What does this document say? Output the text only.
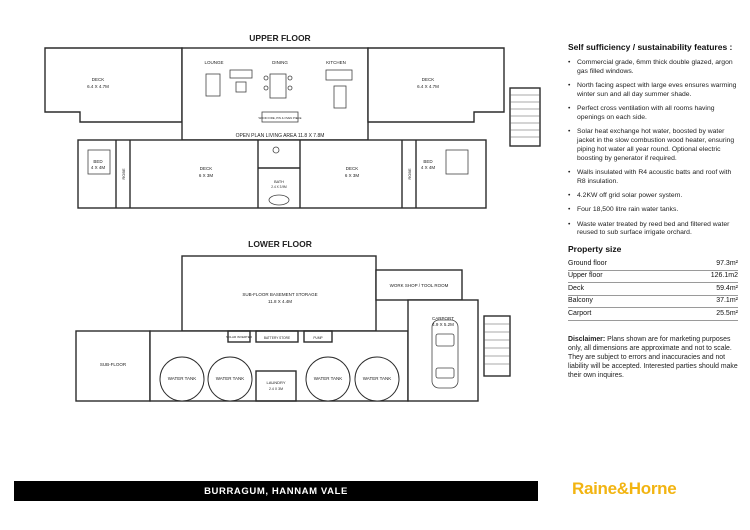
UPPER FLOOR
LOWER FLOOR
DECK
6.4 X 4.7M
LOUNGE	DINING	KITCHEN
WOOD FIRE, PIN & OVEN PIECE
DECK
6.4 X 4.7M
OPEN PLAN LIVING AREA 11.8 X 7.8M
BED
4 X 4M
ROBE	DECK
6 X 3M
BATH
2.4 X 3.9M
DECK
6 X 3M	ROBE
BED
4 X 4M
SUB-FLOOR BASEMENT STORAGE
11.8 X 4.4M
WORK SHOP / TOOL ROOM
CARPORT
4.9 X 5.2M
SOLAR INVERTER	BATTERY STORE	PUMP
SUB-FLOOR
WATER TANK	WATER TANK	WATER TANK	WATER TANK
LAUNDRY
2.4 X 3M
Self sufficiency / sustainability features :
• Commercial grade, 6mm thick double glazed, argon gas filled windows.
• North facing aspect with large eves ensures warming winter sun and all day summer shade.
• Perfect cross ventilation with all rooms having openings on each side.
• Solar heat exchange hot water, boosted by water jacket in the slow combustion wood heater, ensuring piping hot water all year round. Optional electric boosting by generator if required.
• Walls insulated with R4 acoustic batts and roof with R8 insulation.
• 4.2KW off grid solar power system.
• Four 18,500 litre rain water tanks.
• Waste water treated by reed bed and filtered water reused to sub surface irrigate orchard.
Property size
Ground floor	97.3m²
Upper floor	126.1m2
Deck	59.4m²
Balcony	37.1m²
Carport	25.5m²

Disclaimer: Plans shown are for marketing purposes only, all dimensions are approximate and not to scale. They are subject to errors and inaccuracies and not liability will be accepted. Interested parties should make their own inquires.

BURRAGUM, HANNAM VALE	Raine&Horne
